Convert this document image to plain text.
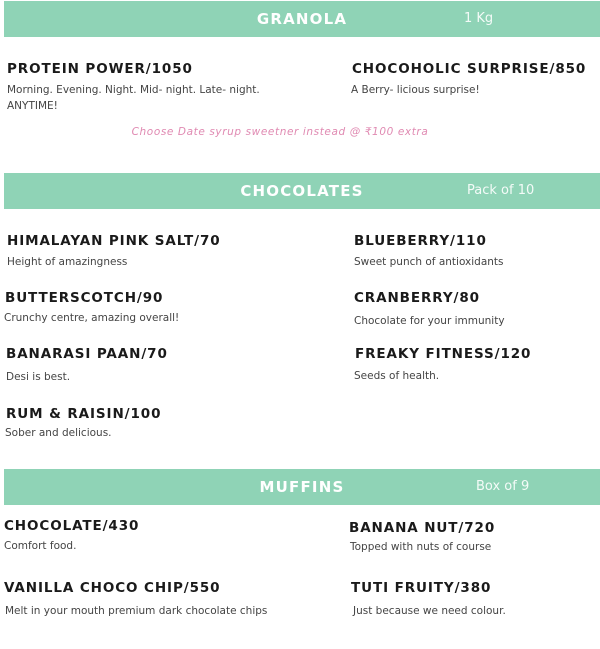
GRANOLA	1 Kg
PROTEIN POWER/1050
Morning. Evening. Night. Mid- night. Late- night. ANYTIME!
CHOCOHOLIC SURPRISE/850
A Berry- licious surprise!
Choose Date syrup sweetner instead @ ₹100 extra
CHOCOLATES	Pack of 10
HIMALAYAN PINK SALT/70
Height of amazingness
BLUEBERRY/110
Sweet punch of antioxidants
BUTTERSCOTCH/90
Crunchy centre, amazing overall!
CRANBERRY/80
Chocolate for your immunity
BANARASI PAAN/70
Desi is best.
FREAKY FITNESS/120
Seeds of health.
RUM & RAISIN/100
Sober and delicious.
MUFFINS	Box of 9
CHOCOLATE/430
Comfort food.
BANANA NUT/720
Topped with nuts of course
VANILLA CHOCO CHIP/550
Melt in your mouth premium dark chocolate chips
TUTI FRUITY/380
Just because we need colour.
